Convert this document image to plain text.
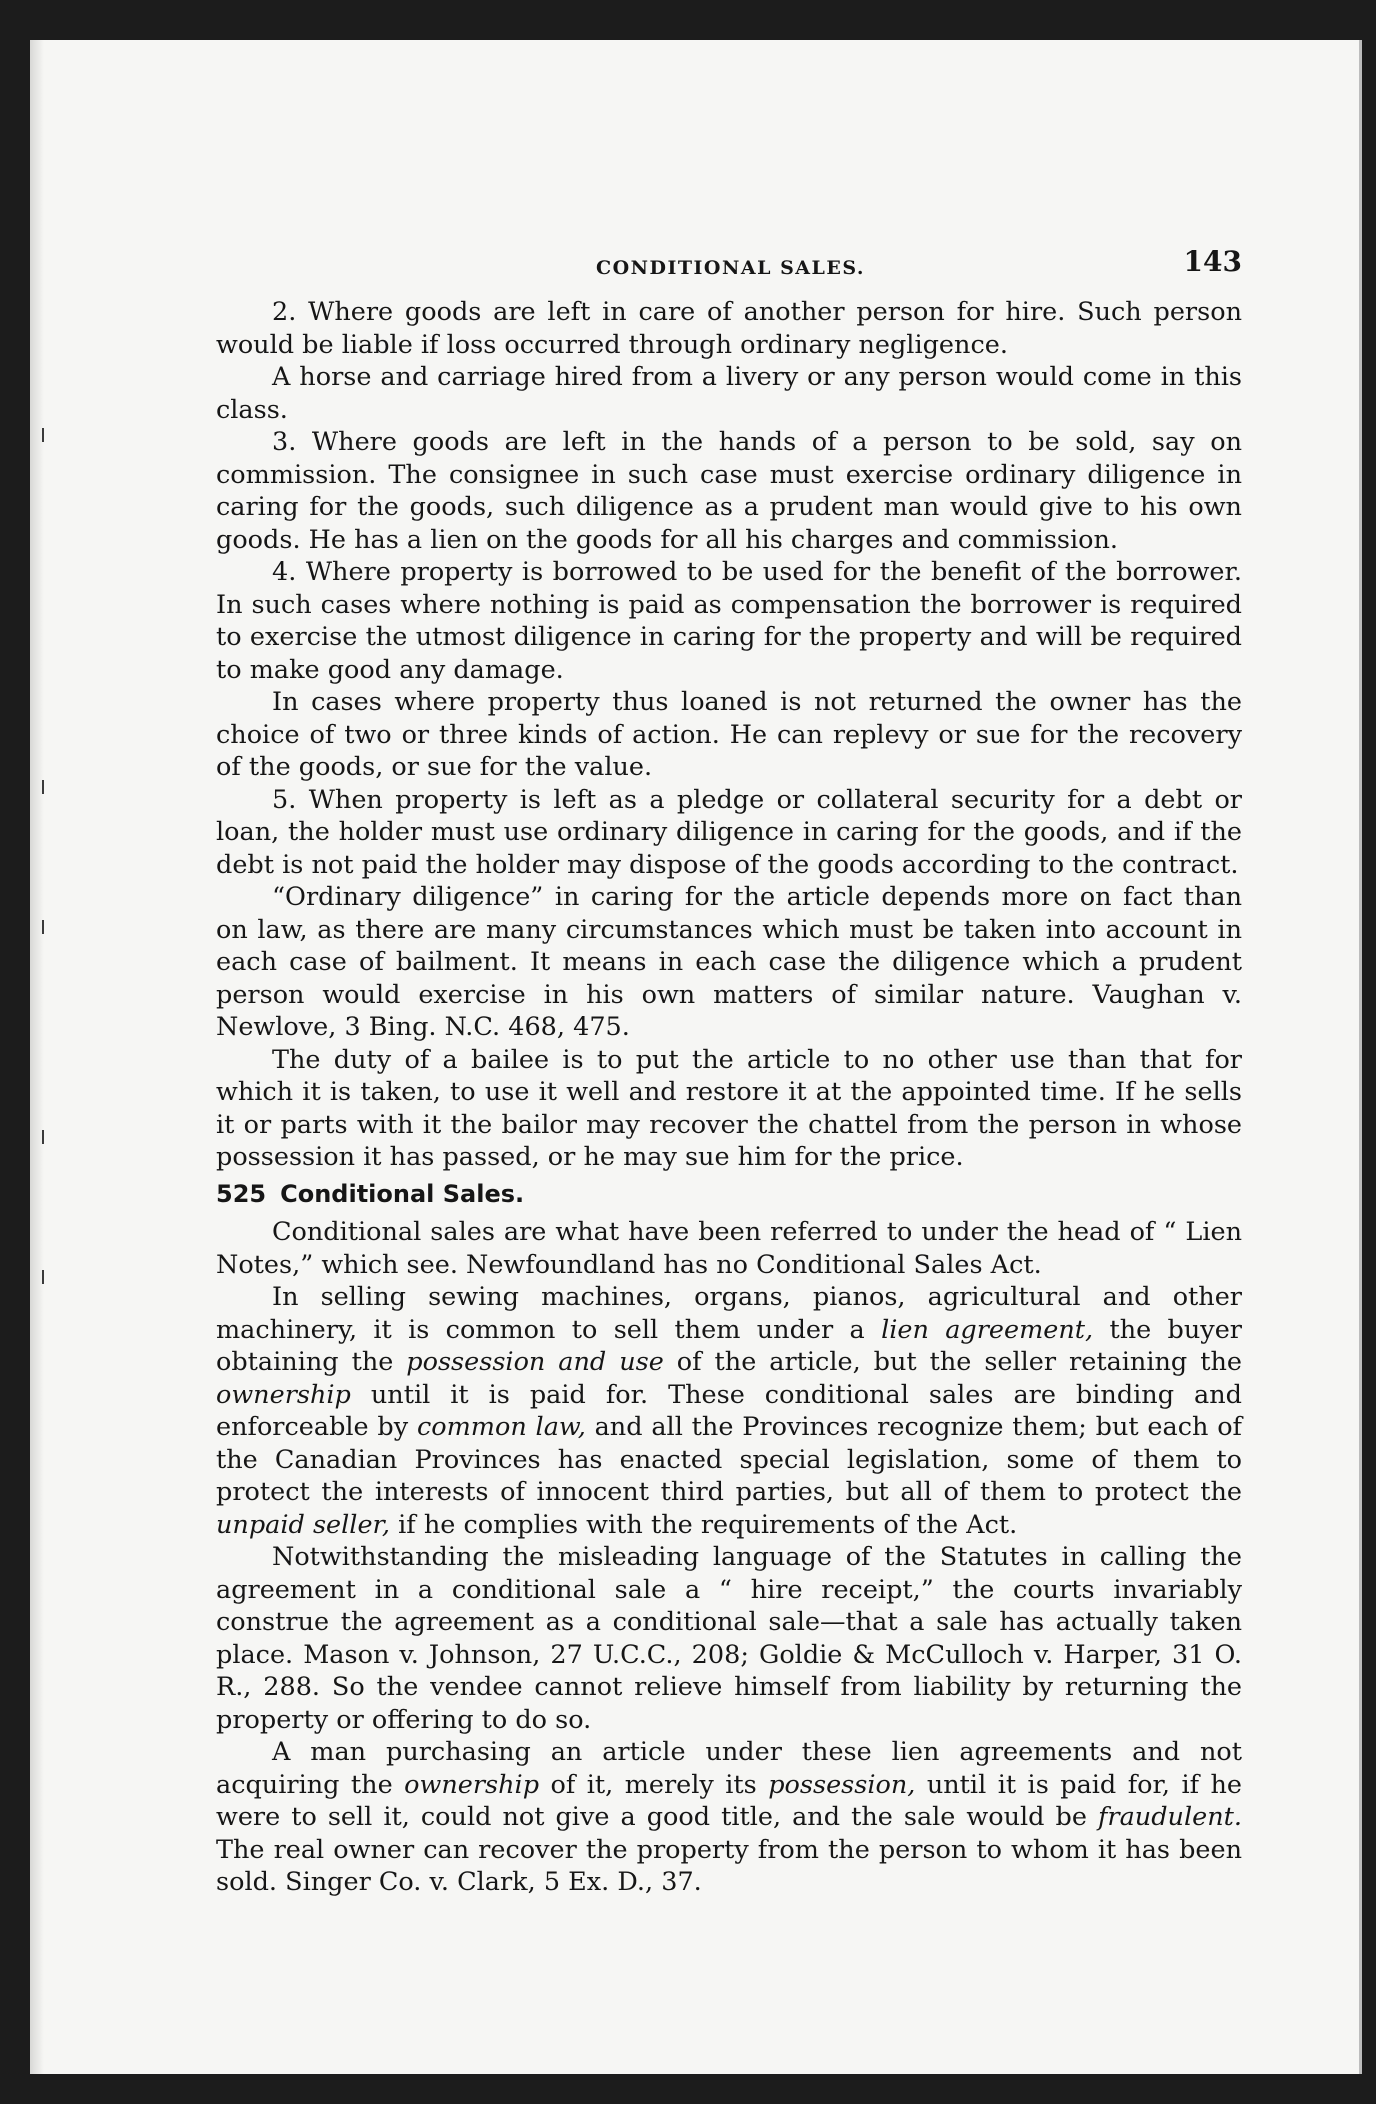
CONDITIONAL SALES.	143

2. Where goods are left in care of another person for hire. Such person would be liable if loss occurred through ordinary negligence.

A horse and carriage hired from a livery or any person would come in this class.

3. Where goods are left in the hands of a person to be sold, say on commission. The consignee in such case must exercise ordinary diligence in caring for the goods, such diligence as a prudent man would give to his own goods. He has a lien on the goods for all his charges and commission.

4. Where property is borrowed to be used for the benefit of the borrower. In such cases where nothing is paid as compensation the borrower is required to exercise the utmost diligence in caring for the property and will be required to make good any damage.

In cases where property thus loaned is not returned the owner has the choice of two or three kinds of action. He can replevy or sue for the recovery of the goods, or sue for the value.

5. When property is left as a pledge or collateral security for a debt or loan, the holder must use ordinary diligence in caring for the goods, and if the debt is not paid the holder may dispose of the goods according to the contract.

“Ordinary diligence” in caring for the article depends more on fact than on law, as there are many circumstances which must be taken into account in each case of bailment. It means in each case the diligence which a prudent person would exercise in his own matters of similar nature. Vaughan v. Newlove, 3 Bing. N.C. 468, 475.

The duty of a bailee is to put the article to no other use than that for which it is taken, to use it well and restore it at the appointed time. If he sells it or parts with it the bailor may recover the chattel from the person in whose possession it has passed, or he may sue him for the price.

525 Conditional Sales.

Conditional sales are what have been referred to under the head of “ Lien Notes,” which see. Newfoundland has no Conditional Sales Act.

In selling sewing machines, organs, pianos, agricultural and other machinery, it is common to sell them under a lien agreement, the buyer obtaining the possession and use of the article, but the seller retaining the ownership until it is paid for. These conditional sales are binding and enforceable by common law, and all the Provinces recognize them; but each of the Canadian Provinces has enacted special legislation, some of them to protect the interests of innocent third parties, but all of them to protect the unpaid seller, if he complies with the requirements of the Act.

Notwithstanding the misleading language of the Statutes in calling the agreement in a conditional sale a “ hire receipt,” the courts invariably construe the agreement as a conditional sale—that a sale has actually taken place. Mason v. Johnson, 27 U.C.C., 208; Goldie & McCulloch v. Harper, 31 O. R., 288. So the vendee cannot relieve himself from liability by returning the property or offering to do so.

A man purchasing an article under these lien agreements and not acquiring the ownership of it, merely its possession, until it is paid for, if he were to sell it, could not give a good title, and the sale would be fraudulent. The real owner can recover the property from the person to whom it has been sold. Singer Co. v. Clark, 5 Ex. D., 37.
